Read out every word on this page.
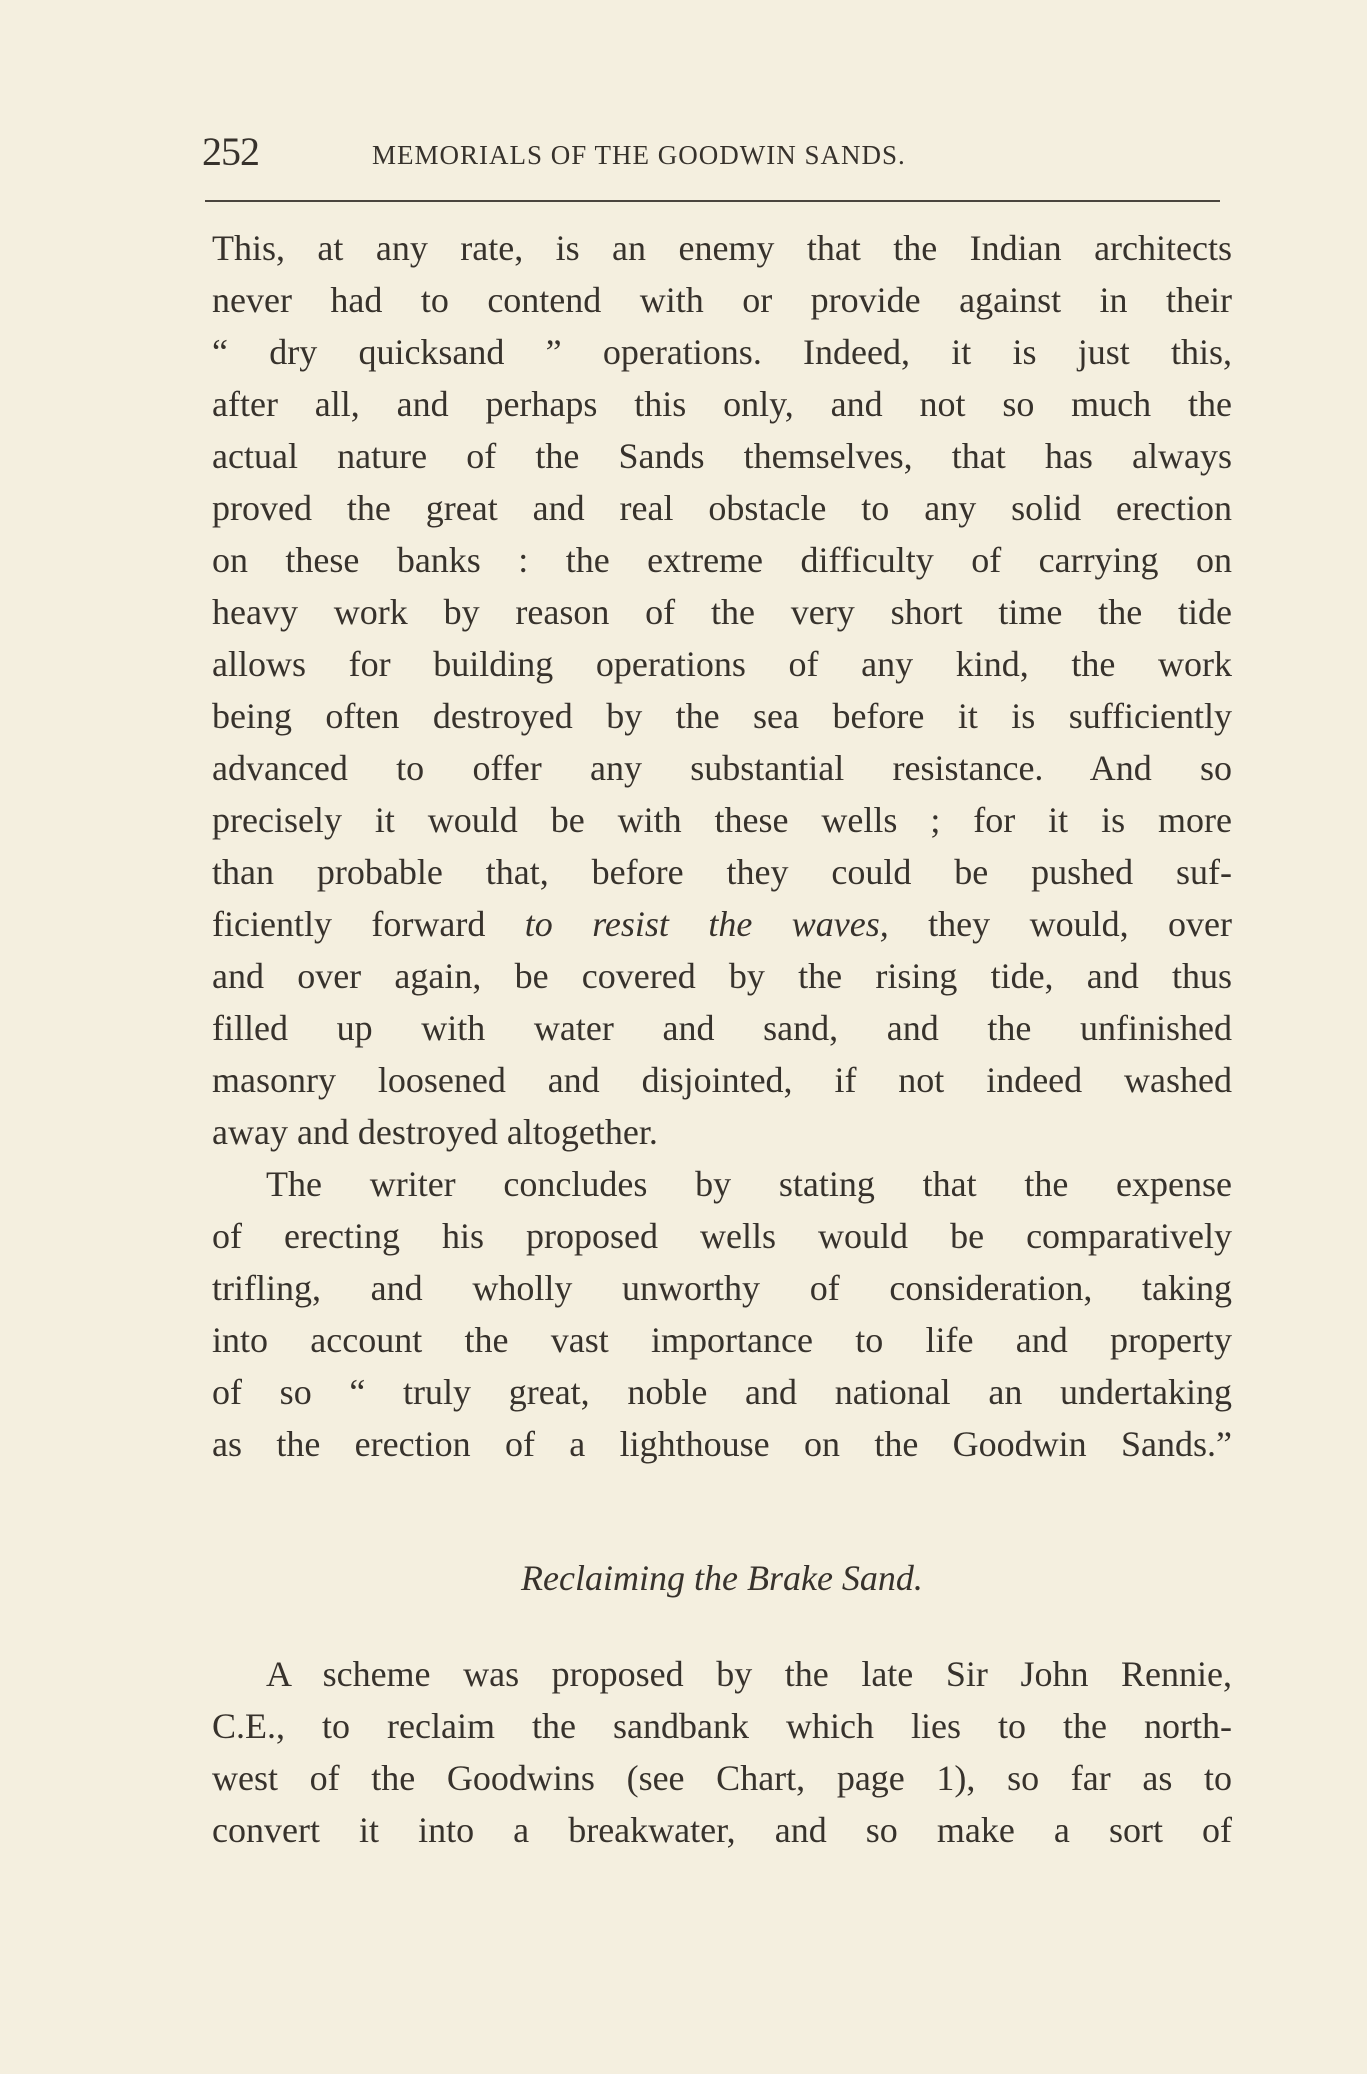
252	MEMORIALS OF THE GOODWIN SANDS.
This, at any rate, is an enemy that the Indian architects
never had to contend with or provide against in their
“ dry quicksand ” operations. Indeed, it is just this,
after all, and perhaps this only, and not so much the
actual nature of the Sands themselves, that has always
proved the great and real obstacle to any solid erection
on these banks : the extreme difficulty of carrying on
heavy work by reason of the very short time the tide
allows for building operations of any kind, the work
being often destroyed by the sea before it is sufficiently
advanced to offer any substantial resistance. And so
precisely it would be with these wells ; for it is more
than probable that, before they could be pushed suf-
ficiently forward to resist the waves, they would, over
and over again, be covered by the rising tide, and thus
filled up with water and sand, and the unfinished
masonry loosened and disjointed, if not indeed washed
away and destroyed altogether.
The writer concludes by stating that the expense
of erecting his proposed wells would be comparatively
trifling, and wholly unworthy of consideration, taking
into account the vast importance to life and property
of so “ truly great, noble and national an undertaking
as the erection of a lighthouse on the Goodwin Sands.”
Reclaiming the Brake Sand.
A scheme was proposed by the late Sir John Rennie,
C.E., to reclaim the sandbank which lies to the north-
west of the Goodwins (see Chart, page 1), so far as to
convert it into a breakwater, and so make a sort of
